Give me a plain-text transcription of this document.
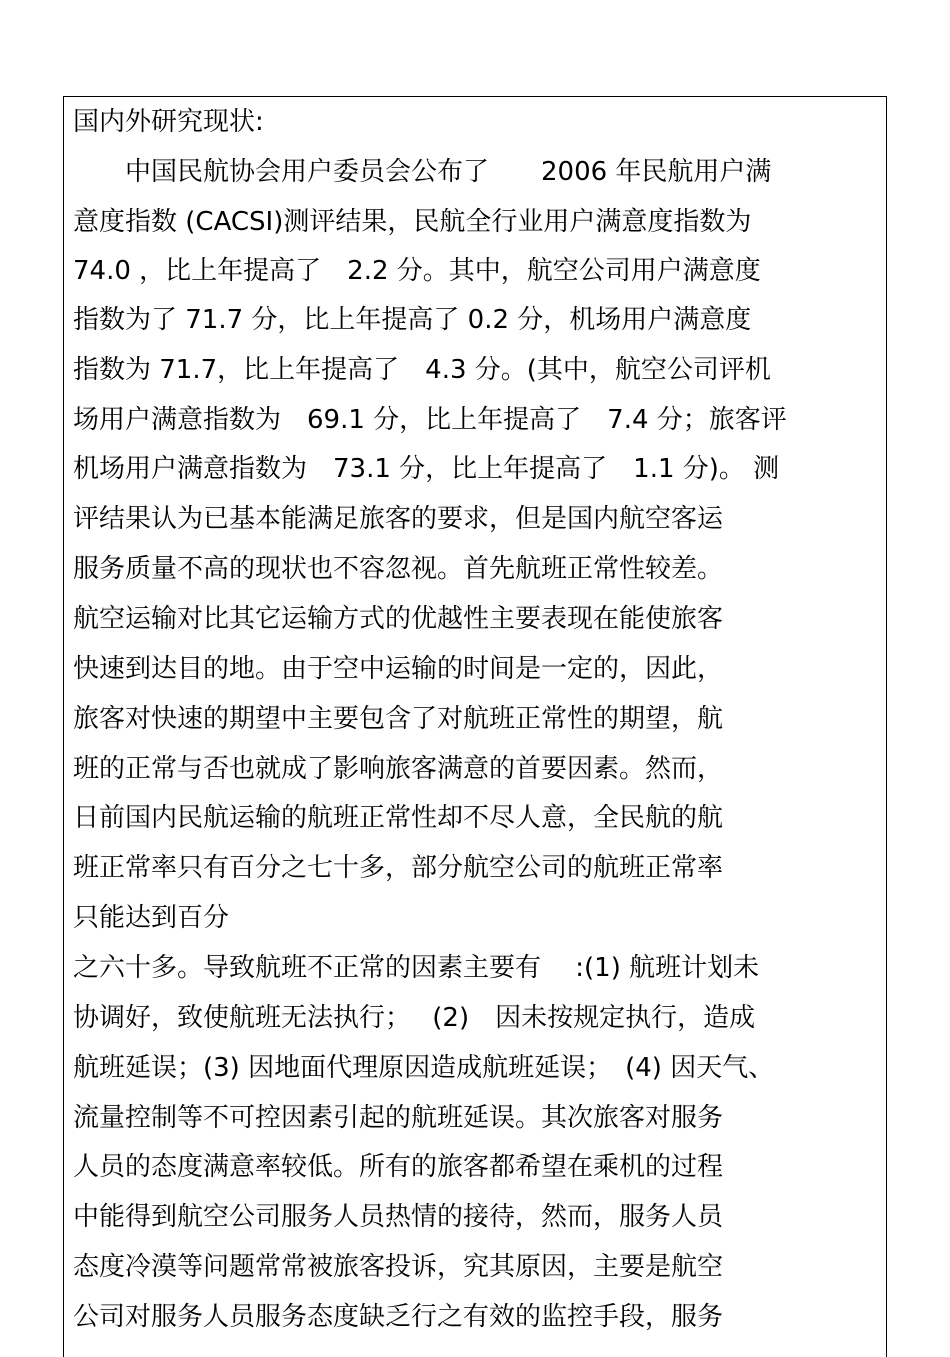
国内外研究现状:
　　中国民航协会用户委员会公布了　　2006 年民航用户满
意度指数 (CACSI)测评结果，民航全行业用户满意度指数为
74.0 ，比上年提高了　2.2 分。其中，航空公司用户满意度
指数为了 71.7 分，比上年提高了 0.2 分，机场用户满意度
指数为 71.7，比上年提高了　4.3 分。(其中，航空公司评机
场用户满意指数为　69.1 分，比上年提高了　7.4 分；旅客评
机场用户满意指数为　73.1 分，比上年提高了　1.1 分)。 测
评结果认为已基本能满足旅客的要求，但是国内航空客运
服务质量不高的现状也不容忽视。首先航班正常性较差。
航空运输对比其它运输方式的优越性主要表现在能使旅客
快速到达目的地。由于空中运输的时间是一定的，因此，
旅客对快速的期望中主要包含了对航班正常性的期望，航
班的正常与否也就成了影响旅客满意的首要因素。然而，
日前国内民航运输的航班正常性却不尽人意，全民航的航
班正常率只有百分之七十多，部分航空公司的航班正常率
只能达到百分
之六十多。导致航班不正常的因素主要有　 :(1) 航班计划未
协调好，致使航班无法执行；　 (2)　因未按规定执行，造成
航班延误；(3) 因地面代理原因造成航班延误；　(4) 因天气、
流量控制等不可控因素引起的航班延误。其次旅客对服务
人员的态度满意率较低。所有的旅客都希望在乘机的过程
中能得到航空公司服务人员热情的接待，然而，服务人员
态度冷漠等问题常常被旅客投诉，究其原因，主要是航空
公司对服务人员服务态度缺乏行之有效的监控手段，服务
